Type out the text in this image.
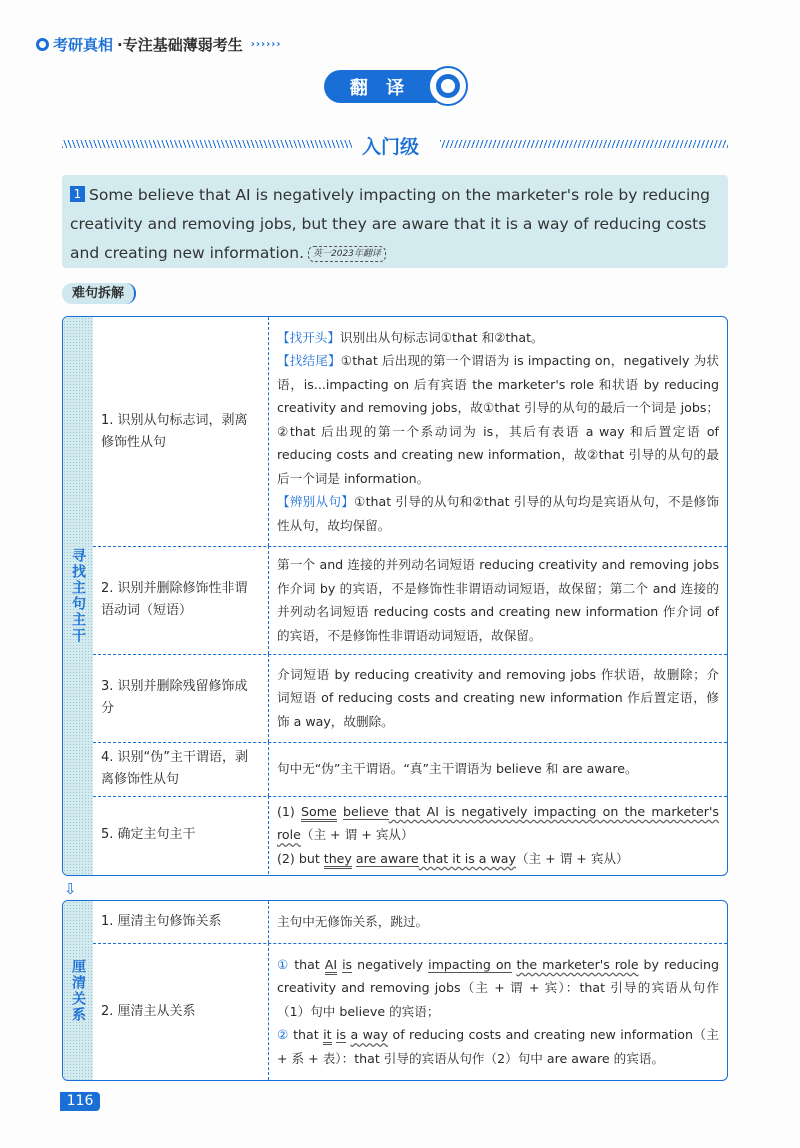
考研真相 ·专注基础薄弱考生 ››››››
翻 译
入门级
1 Some believe that AI is negatively impacting on the marketer's role by reducing creativity and removing jobs, but they are aware that it is a way of reducing costs and creating new information. 英一2023年翻译
难句拆解
寻找主句主干
1. 识别从句标志词，剥离修饰性从句

【找开头】识别出从句标志词①that 和②that。

【找结尾】①that 后出现的第一个谓语为 is impacting on，negatively 为状语，is...impacting on 后有宾语 the marketer's role 和状语 by reducing creativity and removing jobs，故①that 引导的从句的最后一个词是 jobs；②that 后出现的第一个系动词为 is，其后有表语 a way 和后置定语 of reducing costs and creating new information，故②that 引导的从句的最后一个词是 information。

【辨别从句】①that 引导的从句和②that 引导的从句均是宾语从句，不是修饰性从句，故均保留。

2. 识别并删除修饰性非谓语动词（短语）

第一个 and 连接的并列动名词短语 reducing creativity and removing jobs 作介词 by 的宾语，不是修饰性非谓语动词短语，故保留；第二个 and 连接的并列动名词短语 reducing costs and creating new information 作介词 of 的宾语，不是修饰性非谓语动词短语，故保留。

3. 识别并删除残留修饰成分

介词短语 by reducing creativity and removing jobs 作状语，故删除；介词短语 of reducing costs and creating new information 作后置定语，修饰 a way，故删除。

4. 识别“伪”主干谓语，剥离修饰性从句

句中无“伪”主干谓语。“真”主干谓语为 believe 和 are aware。

5. 确定主句主干

(1) Some believe that AI is negatively impacting on the marketer's role（主 + 谓 + 宾从）

(2) but they are aware that it is a way（主 + 谓 + 宾从）

⇩
厘清关系
1. 厘清主句修饰关系	主句中无修饰关系，跳过。

2. 厘清主从关系

① that AI is negatively impacting on the marketer's role by reducing creativity and removing jobs（主 + 谓 + 宾）：that 引导的宾语从句作（1）句中 believe 的宾语；

② that it is a way of reducing costs and creating new information（主 + 系 + 表）：that 引导的宾语从句作（2）句中 are aware 的宾语。

116
